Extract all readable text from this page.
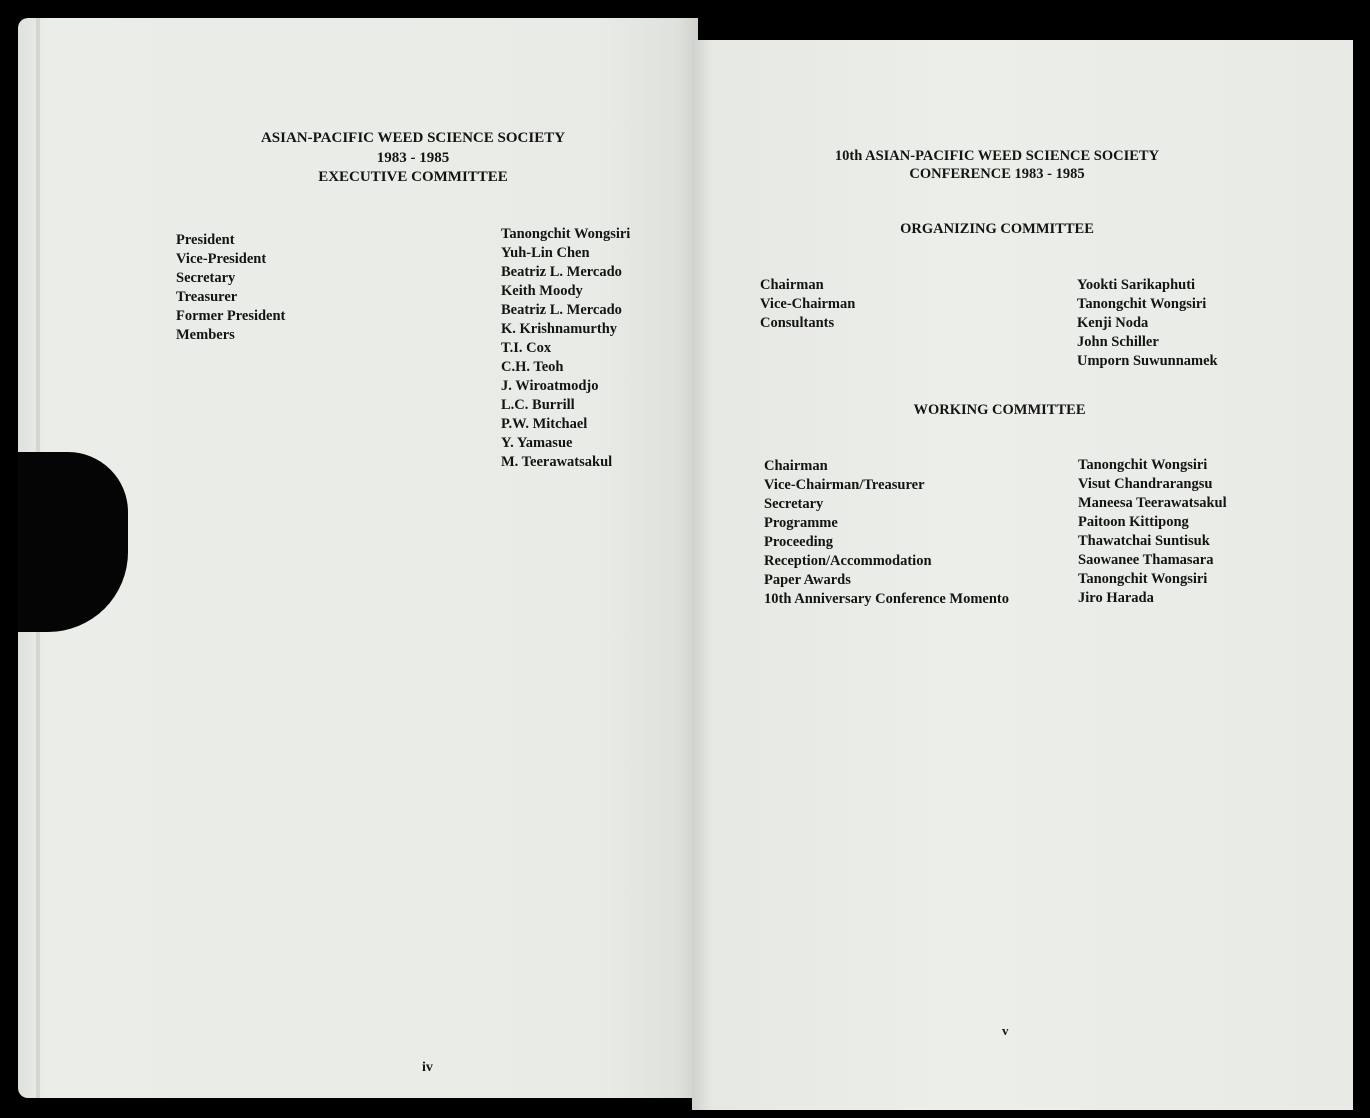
ASIAN-PACIFIC WEED SCIENCE SOCIETY
1983 - 1985
EXECUTIVE COMMITTEE
President
Vice-President
Secretary
Treasurer
Former President
Members
Tanongchit Wongsiri
Yuh-Lin Chen
Beatriz L. Mercado
Keith Moody
Beatriz L. Mercado
K. Krishnamurthy
T.I. Cox
C.H. Teoh
J. Wiroatmodjo
L.C. Burrill
P.W. Mitchael
Y. Yamasue
M. Teerawatsakul
iv
10th ASIAN-PACIFIC WEED SCIENCE SOCIETY
CONFERENCE 1983 - 1985
ORGANIZING COMMITTEE
Chairman
Vice-Chairman
Consultants
Yookti Sarikaphuti
Tanongchit Wongsiri
Kenji Noda
John Schiller
Umporn Suwunnamek
WORKING COMMITTEE
Chairman
Vice-Chairman/Treasurer
Secretary
Programme
Proceeding
Reception/Accommodation
Paper Awards
10th Anniversary Conference Momento
Tanongchit Wongsiri
Visut Chandrarangsu
Maneesa Teerawatsakul
Paitoon Kittipong
Thawatchai Suntisuk
Saowanee Thamasara
Tanongchit Wongsiri
Jiro Harada
v
